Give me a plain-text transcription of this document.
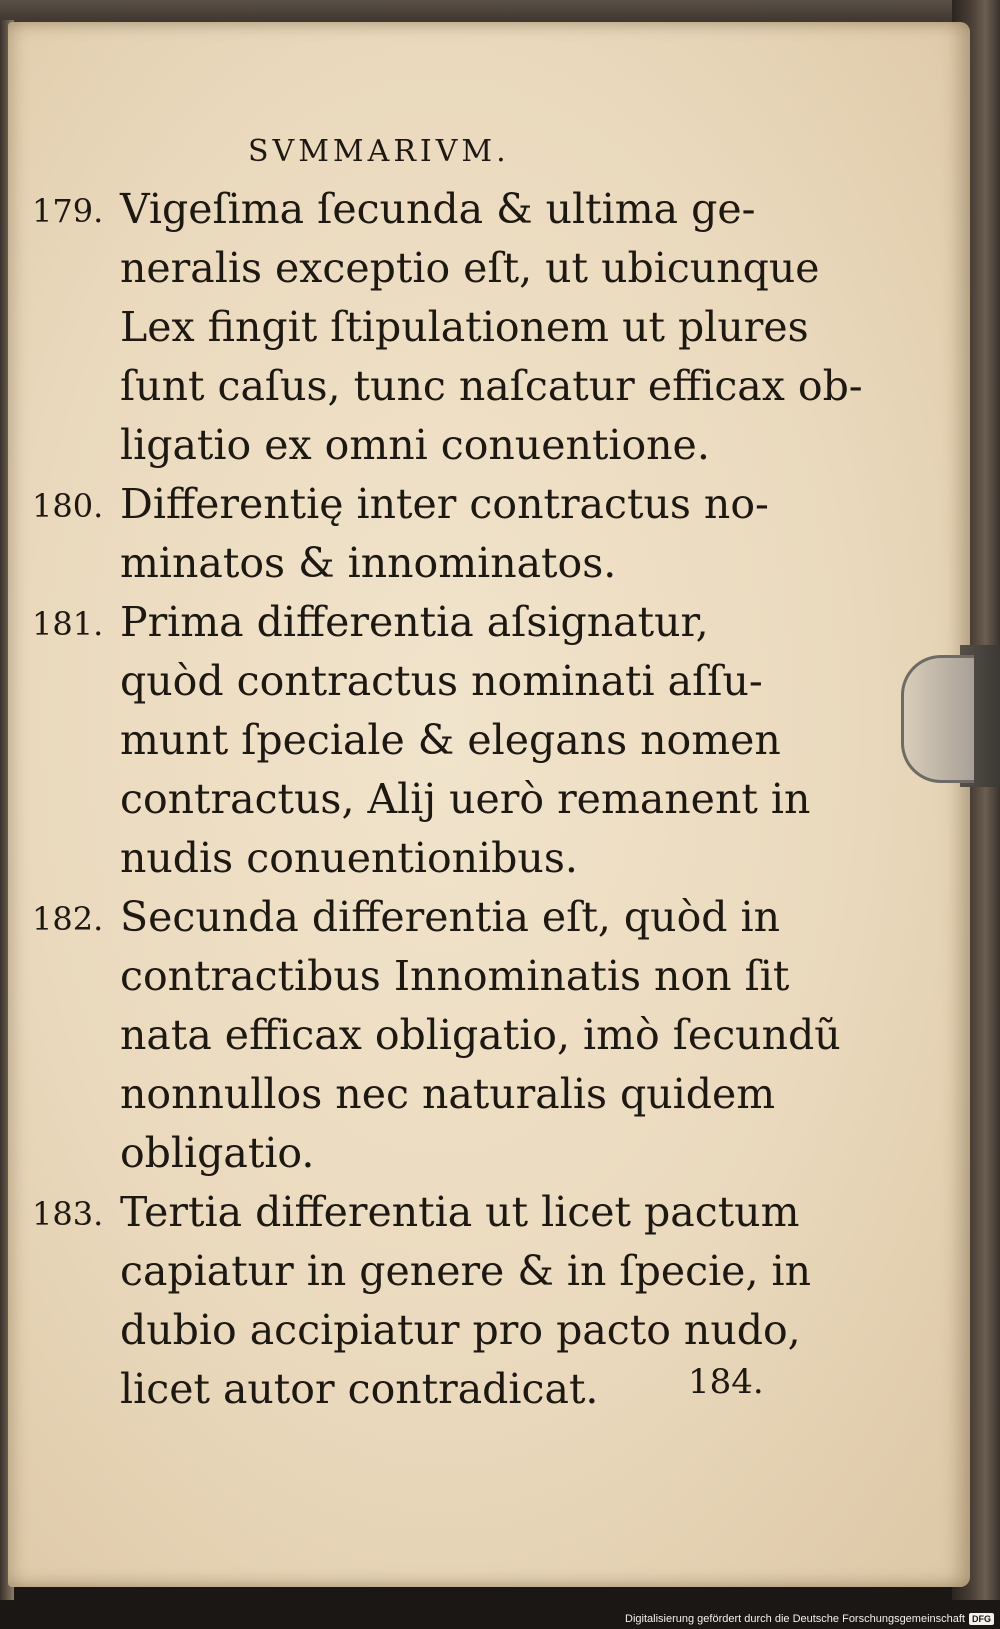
SVMMARIVM.
179. Vigeſima ſecunda & ultima ge-
neralis exceptio eſt, ut ubicunque
Lex fingit ſtipulationem ut plures
ſunt caſus, tunc naſcatur efficax ob-
ligatio ex omni conuentione.
180. Differentię inter contractus no-
minatos & innominatos.
181. Prima differentia aſsignatur,
quòd contractus nominati aſſu-
munt ſpeciale & elegans nomen
contractus, Alij uerò remanent in
nudis conuentionibus.
182. Secunda differentia eſt, quòd in
contractibus Innominatis non ſit
nata efficax obligatio, imò ſecundũ
nonnullos nec naturalis quidem
obligatio.
183. Tertia differentia ut licet pactum
capiatur in genere & in ſpecie, in
dubio accipiatur pro pacto nudo,
licet autor contradicat.	184.
Digitalisierung gefördert durch die Deutsche Forschungsgemeinschaft DFG
